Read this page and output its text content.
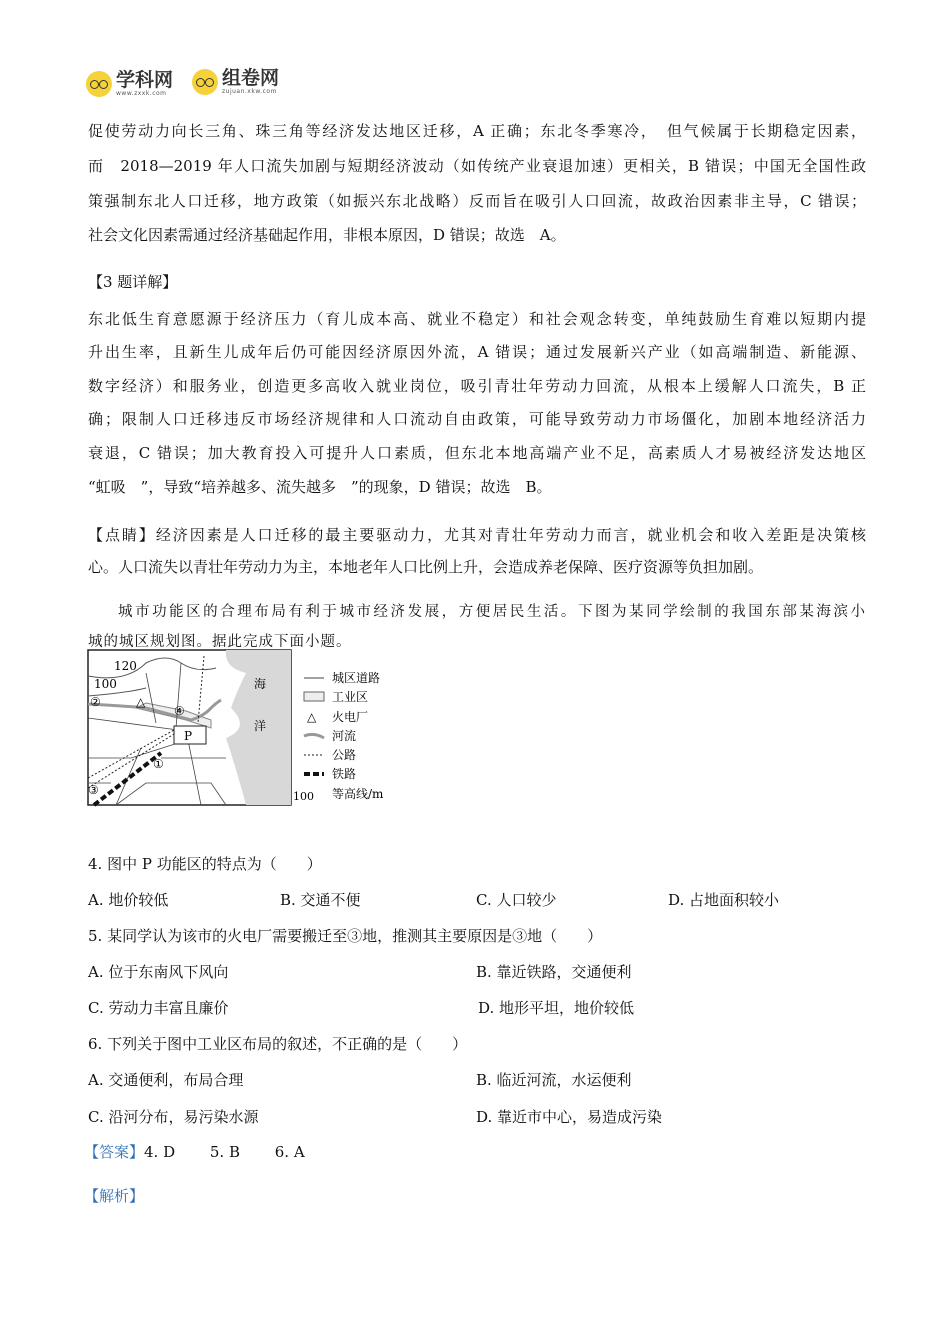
学科网
www.zxxk.com
组卷网
zujuan.xkw.com
促使劳动力向长三角、珠三角等经济发达地区迁移，A 正确；东北冬季寒冷，　但气候属于长期稳定因素，
而　2018—2019 年人口流失加剧与短期经济波动（如传统产业衰退加速）更相关，B 错误；中国无全国性政
策强制东北人口迁移，地方政策（如振兴东北战略）反而旨在吸引人口回流，故政治因素非主导，C 错误；
社会文化因素需通过经济基础起作用，非根本原因，D 错误；故选　A。
【3 题详解】
东北低生育意愿源于经济压力（育儿成本高、就业不稳定）和社会观念转变，单纯鼓励生育难以短期内提
升出生率，且新生儿成年后仍可能因经济原因外流，A 错误；通过发展新兴产业（如高端制造、新能源、
数字经济）和服务业，创造更多高收入就业岗位，吸引青壮年劳动力回流，从根本上缓解人口流失，B 正
确；限制人口迁移违反市场经济规律和人口流动自由政策，可能导致劳动力市场僵化，加剧本地经济活力
衰退，C 错误；加大教育投入可提升人口素质，但东北本地高端产业不足，高素质人才易被经济发达地区
“虹吸　”，导致“培养越多、流失越多　”的现象，D 错误；故选　B。
【点睛】经济因素是人口迁移的最主要驱动力，尤其对青壮年劳动力而言，就业机会和收入差距是决策核
心。人口流失以青壮年劳动力为主，本地老年人口比例上升，会造成养老保障、医疗资源等负担加剧。
城市功能区的合理布局有利于城市经济发展，方便居民生活。下图为某同学绘制的我国东部某海滨小
城的城区规划图。据此完成下面小题。
120
100
②	△
④
P
①
③
海
洋
城区道路
工业区
△ 火电厂
河流
公路
铁路
100 等高线/m
4. 图中 P 功能区的特点为（　　）
A. 地价较低	B. 交通不便	C. 人口较少	D. 占地面积较小
5. 某同学认为该市的火电厂需要搬迁至③地，推测其主要原因是③地（　　）
A. 位于东南风下风向	B. 靠近铁路，交通便利
C. 劳动力丰富且廉价	D. 地形平坦，地价较低
6. 下列关于图中工业区布局的叙述，不正确的是（　　）
A. 交通便利，布局合理	B. 临近河流，水运便利
C. 沿河分布，易污染水源	D. 靠近市中心，易造成污染
【答案】4. D　　 5. B　　 6. A
【解析】
